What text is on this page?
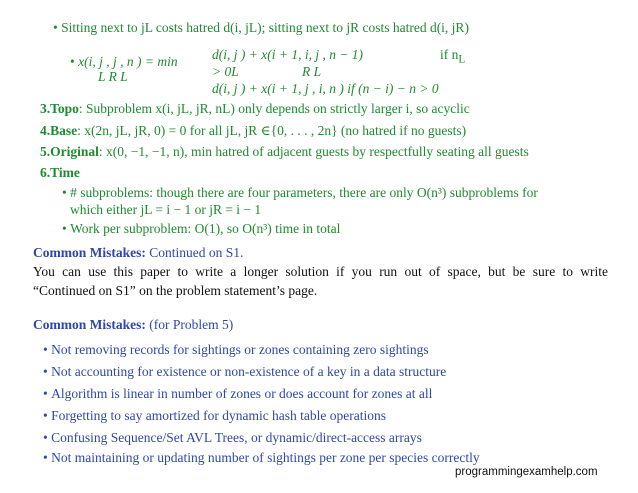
• Sitting next to jL costs hatred d(i, jL); sitting next to jR costs hatred d(i, jR)
• x(i, j , j , n ) = min
L R L
d(i, j ) + x(i + 1, i, j , n − 1)	if $n_L$
> 0L	R L
d(i, j ) + x(i + 1, j , i, n ) if (n − i) − n > 0
3.Topo: Subproblem x(i, jL, jR, nL) only depends on strictly larger i, so acyclic
4.Base: x(2n, jL, jR, 0) = 0 for all jL, jR ∈{0, . . . , 2n} (no hatred if no guests)
5.Original: x(0, −1, −1, n), min hatred of adjacent guests by respectfully seating all guests
6.Time
• # subproblems: though there are four parameters, there are only O(n³) subproblems for
which either jL = i − 1 or jR = i − 1
• Work per subproblem: O(1), so O(n³) time in total
Common Mistakes: Continued on S1.
You can use this paper to write a longer solution if you run out of space, but be sure to write
“Continued on S1” on the problem statement’s page.
Common Mistakes: (for Problem 5)
• Not removing records for sightings or zones containing zero sightings
• Not accounting for existence or non-existence of a key in a data structure
• Algorithm is linear in number of zones or does account for zones at all
• Forgetting to say amortized for dynamic hash table operations
• Confusing Sequence/Set AVL Trees, or dynamic/direct-access arrays
• Not maintaining or updating number of sightings per zone per species correctly
programmingexamhelp.com
